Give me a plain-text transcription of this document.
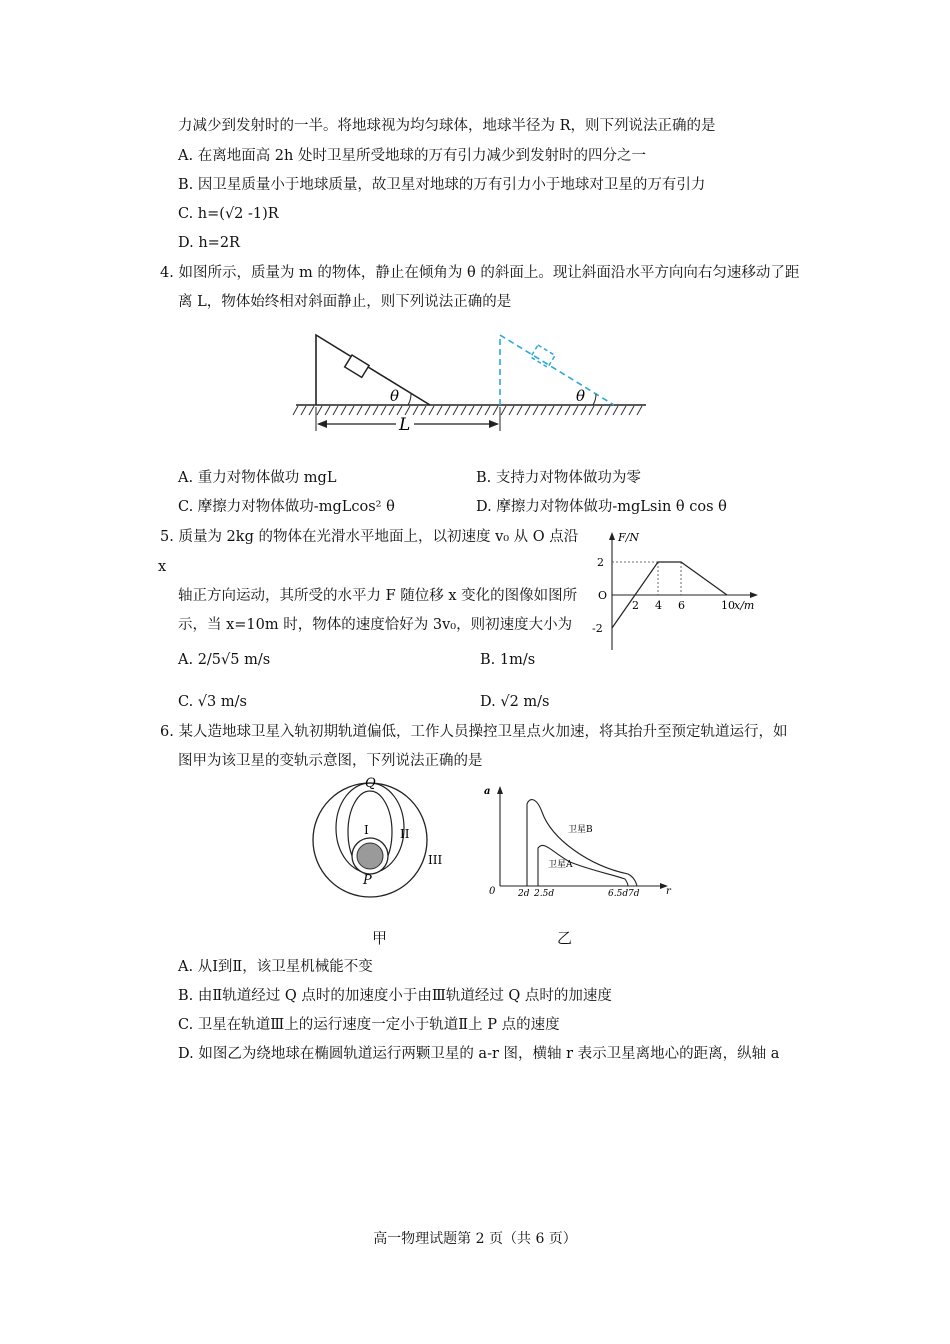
力减少到发射时的一半。将地球视为均匀球体，地球半径为 R，则下列说法正确的是
A. 在离地面高 2h 处时卫星所受地球的万有引力减少到发射时的四分之一
B. 因卫星质量小于地球质量，故卫星对地球的万有引力小于地球对卫星的万有引力
C. h=(√2 -1)R
D. h=2R
4. 如图所示，质量为 m 的物体，静止在倾角为 θ 的斜面上。现让斜面沿水平方向向右匀速移动了距
离 L，物体始终相对斜面静止，则下列说法正确的是
θ	θ
L
A. 重力对物体做功 mgL	B. 支持力对物体做功为零
C. 摩擦力对物体做功-mgLcos² θ	D. 摩擦力对物体做功-mgLsin θ cos θ
5. 质量为 2kg 的物体在光滑水平地面上，以初速度 v₀ 从 O 点沿
x
轴正方向运动，其所受的水平力 F 随位移 x 变化的图像如图所
示，当 x=10m 时，物体的速度恰好为 3v₀，则初速度大小为
A. 2/5√5 m/s	B. 1m/s
C. √3 m/s	D. √2 m/s
F/N
x/m
O
2 4 6	10
2
-2
6. 某人造地球卫星入轨初期轨道偏低，工作人员操控卫星点火加速，将其抬升至预定轨道运行，如
图甲为该卫星的变轨示意图，下列说法正确的是
Q
P
I	II
III
甲
a
r
0	2d 2.5d	6.5d 7d
卫星B
卫星A
乙
A. 从Ⅰ到Ⅱ，该卫星机械能不变
B. 由Ⅱ轨道经过 Q 点时的加速度小于由Ⅲ轨道经过 Q 点时的加速度
C. 卫星在轨道Ⅲ上的运行速度一定小于轨道Ⅱ上 P 点的速度
D. 如图乙为绕地球在椭圆轨道运行两颗卫星的 a-r 图，横轴 r 表示卫星离地心的距离，纵轴 a
高一物理试题第 2 页（共 6 页）
